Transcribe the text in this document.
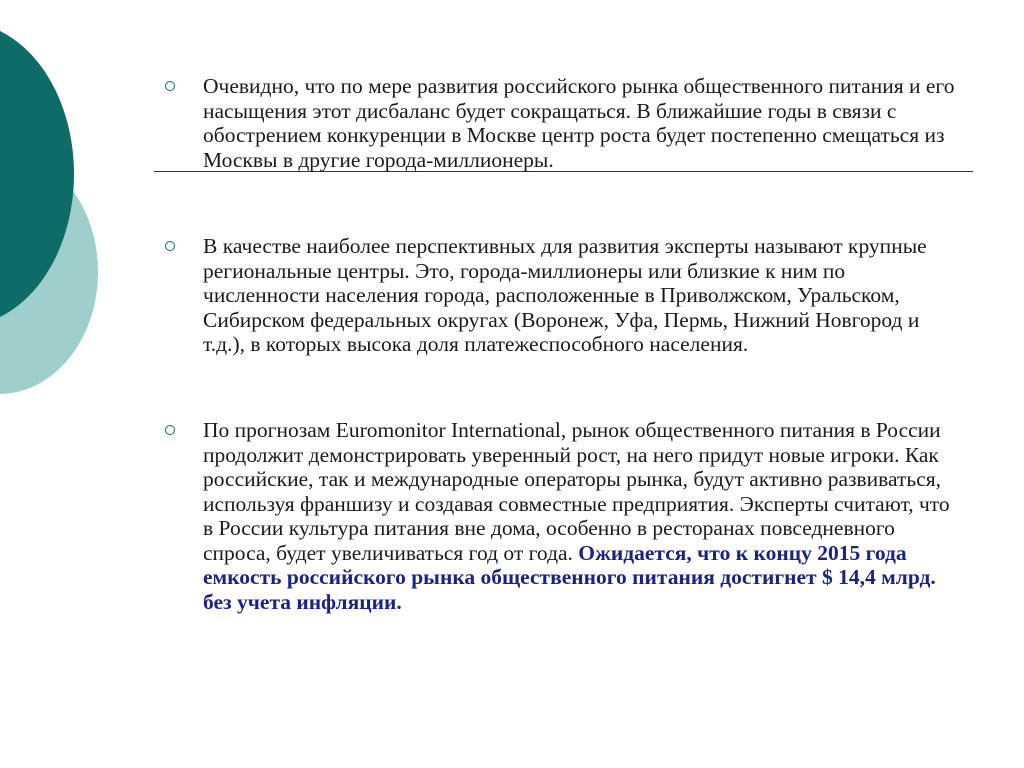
Очевидно, что по мере развития российского рынка общественного питания и его насыщения этот дисбаланс будет сокращаться. В ближайшие годы в связи с обострением конкуренции в Москве центр роста будет постепенно смещаться из Москвы в другие города-миллионеры.
В качестве наиболее перспективных для развития эксперты называют крупные региональные центры. Это, города-миллионеры или близкие к ним по численности населения города, расположенные в Приволжском, Уральском, Сибирском федеральных округах (Воронеж, Уфа, Пермь, Нижний Новгород и т.д.), в которых высока доля платежеспособного населения.
По прогнозам Euromonitor International, рынок общественного питания в России продолжит демонстрировать уверенный рост, на него придут новые игроки. Как российские, так и международные операторы рынка, будут активно развиваться, используя франшизу и создавая совместные предприятия. Эксперты считают, что в России культура питания вне дома, особенно в ресторанах повседневного спроса, будет увеличиваться год от года. Ожидается, что к концу 2015 года емкость российского рынка общественного питания достигнет $ 14,4 млрд. без учета инфляции.
